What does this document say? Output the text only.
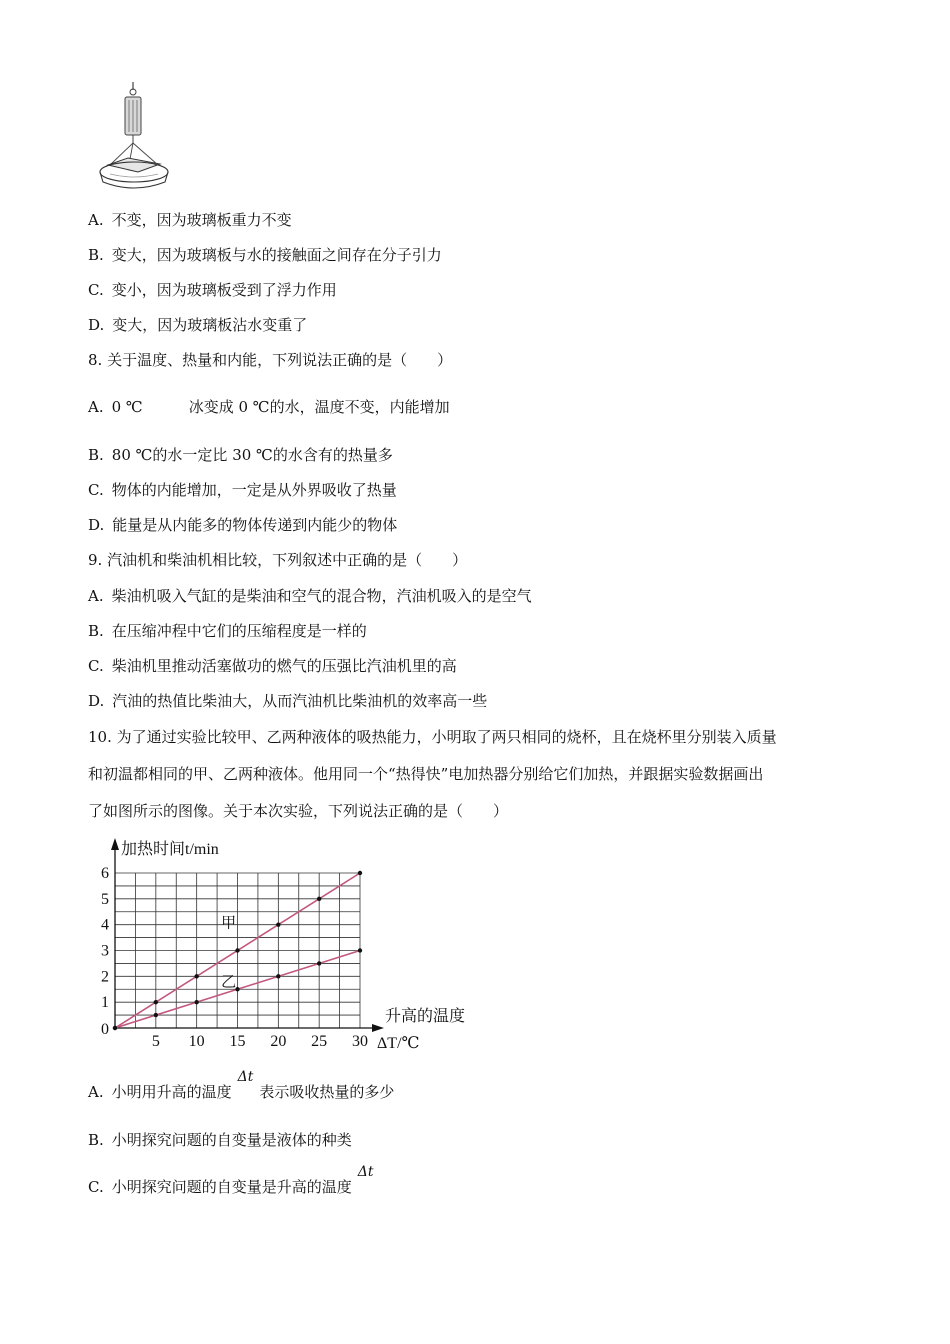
A. 不变，因为玻璃板重力不变
B. 变大，因为玻璃板与水的接触面之间存在分子引力
C. 变小，因为玻璃板受到了浮力作用
D. 变大，因为玻璃板沾水变重了
8. 关于温度、热量和内能，下列说法正确的是（　　）
A. 0 ℃	冰变成 0 ℃的水，温度不变，内能增加
B. 80 ℃的水一定比 30 ℃的水含有的热量多
C. 物体的内能增加，一定是从外界吸收了热量
D. 能量是从内能多的物体传递到内能少的物体
9. 汽油机和柴油机相比较，下列叙述中正确的是（　　）
A. 柴油机吸入气缸的是柴油和空气的混合物，汽油机吸入的是空气
B. 在压缩冲程中它们的压缩程度是一样的
C. 柴油机里推动活塞做功的燃气的压强比汽油机里的高
D. 汽油的热值比柴油大，从而汽油机比柴油机的效率高一些
10. 为了通过实验比较甲、乙两种液体的吸热能力，小明取了两只相同的烧杯，且在烧杯里分别装入质量
和初温都相同的甲、乙两种液体。他用同一个“热得快”电加热器分别给它们加热，并跟据实验数据画出
了如图所示的图像。关于本次实验，下列说法正确的是（　　）
5 10 15 20 25 30
1
2
3
4
5
6
0
甲
乙
加热时间t/min
升高的温度
ΔT/℃
A. 小明用升高的温度Δt表示吸收热量的多少
B. 小明探究问题的自变量是液体的种类
C. 小明探究问题的自变量是升高的温度Δt
